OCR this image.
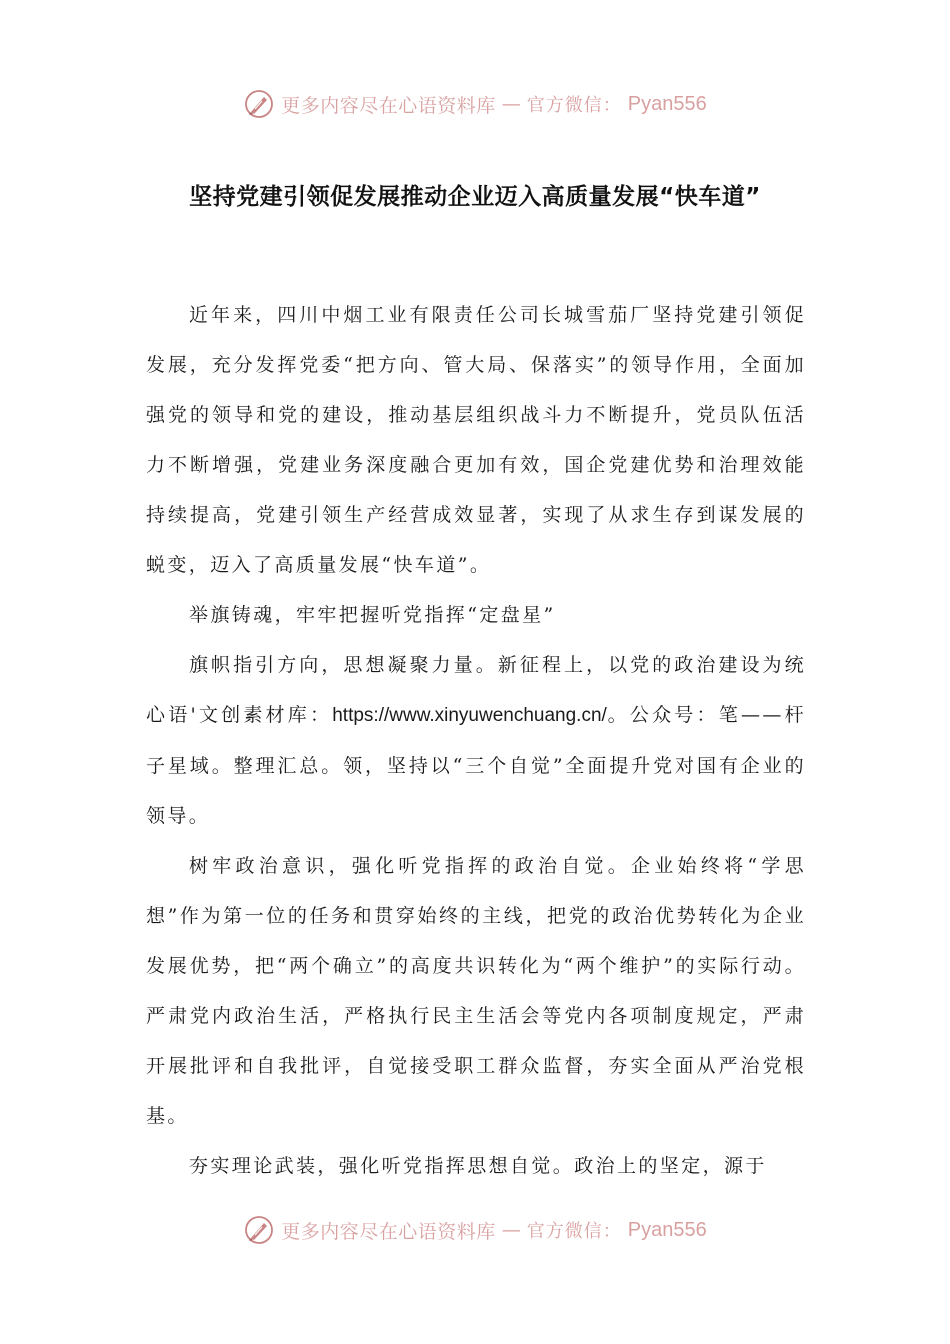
更多内容尽在心语资料库 — 官方微信： Pyan556
坚持党建引领促发展推动企业迈入高质量发展“快车道”

近年来，四川中烟工业有限责任公司长城雪茄厂坚持党建引领促发展，充分发挥党委“把方向、管大局、保落实”的领导作用，全面加强党的领导和党的建设，推动基层组织战斗力不断提升，党员队伍活力不断增强，党建业务深度融合更加有效，国企党建优势和治理效能持续提高，党建引领生产经营成效显著，实现了从求生存到谋发展的蜕变，迈入了高质量发展“快车道”。

举旗铸魂，牢牢把握听党指挥“定盘星”

旗帜指引方向，思想凝聚力量。新征程上，以党的政治建设为统心语'文创素材库：https://www.xinyuwenchuang.cn/。公众号：笔——杆子星域。整理汇总。领，坚持以“三个自觉”全面提升党对国有企业的领导。

树牢政治意识，强化听党指挥的政治自觉。企业始终将“学思想”作为第一位的任务和贯穿始终的主线，把党的政治优势转化为企业发展优势，把“两个确立”的高度共识转化为“两个维护”的实际行动。严肃党内政治生活，严格执行民主生活会等党内各项制度规定，严肃开展批评和自我批评，自觉接受职工群众监督，夯实全面从严治党根基。

夯实理论武装，强化听党指挥思想自觉。政治上的坚定，源于

更多内容尽在心语资料库 — 官方微信： Pyan556
